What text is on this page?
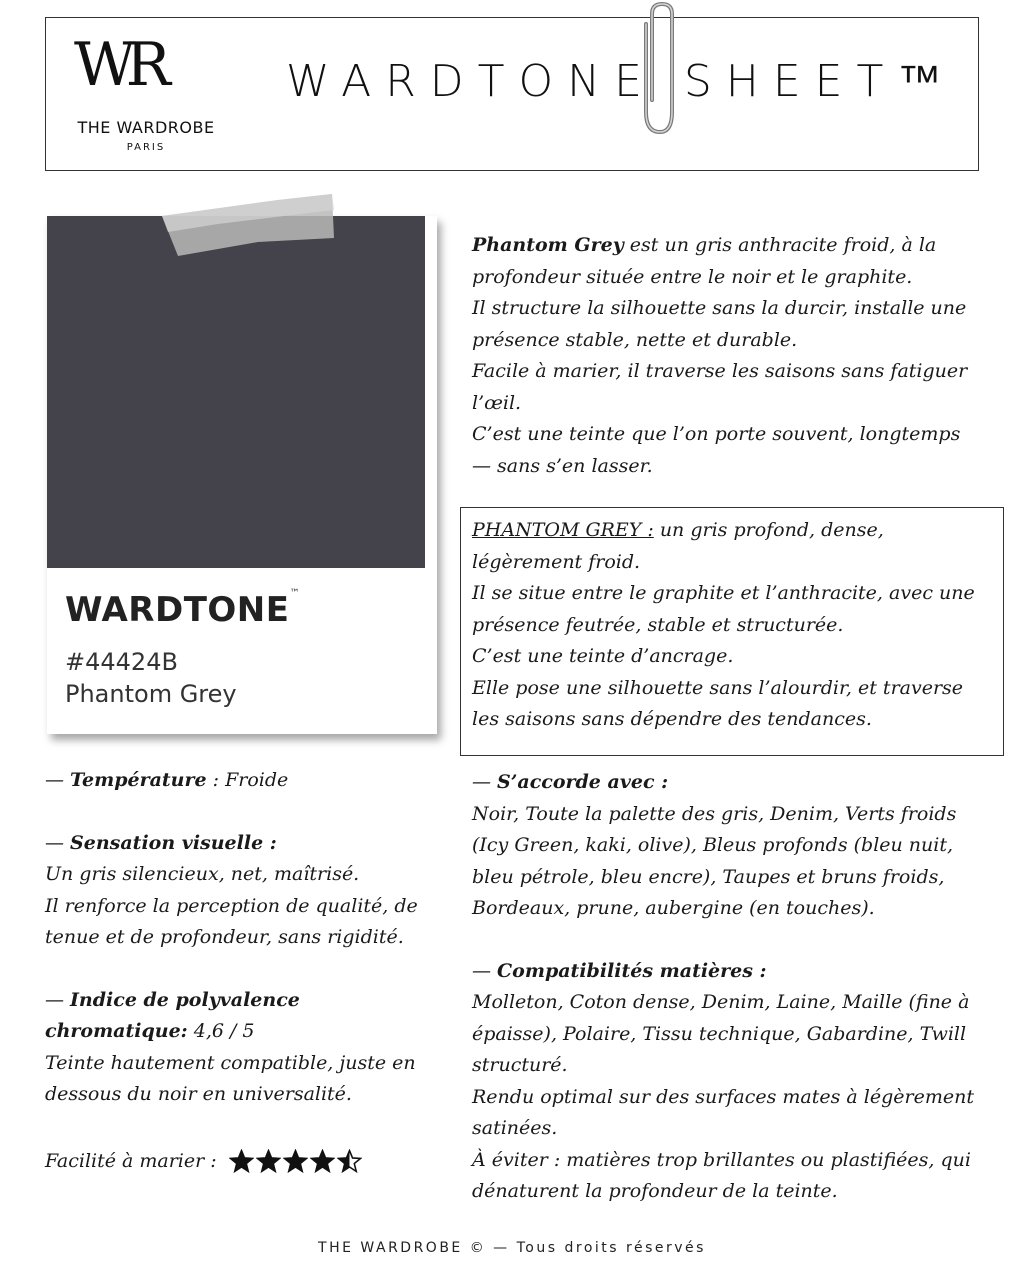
WR
THE WARDROBE
PARIS
WARDTONE SHEET™
WARDTONE™
#44424B
Phantom Grey
Phantom Grey est un gris anthracite froid, à la profondeur située entre le noir et le graphite.
Il structure la silhouette sans la durcir, installe une présence stable, nette et durable.
Facile à marier, il traverse les saisons sans fatiguer l’œil.
C’est une teinte que l’on porte souvent, longtemps — sans s’en lasser.
PHANTOM GREY : un gris profond, dense, légèrement froid.
Il se situe entre le graphite et l’anthracite, avec une présence feutrée, stable et structurée.
C’est une teinte d’ancrage.
Elle pose une silhouette sans l’alourdir, et traverse les saisons sans dépendre des tendances.
— Température : Froide
— Sensation visuelle :
Un gris silencieux, net, maîtrisé.
Il renforce la perception de qualité, de tenue et de profondeur, sans rigidité.
— Indice de polyvalence chromatique: 4,6 / 5
Teinte hautement compatible, juste en dessous du noir en universalité.
Facilité à marier :
— S’accorde avec :
Noir, Toute la palette des gris, Denim, Verts froids (Icy Green, kaki, olive), Bleus profonds (bleu nuit, bleu pétrole, bleu encre), Taupes et bruns froids, Bordeaux, prune, aubergine (en touches).
— Compatibilités matières :
Molleton, Coton dense, Denim, Laine, Maille (fine à épaisse), Polaire, Tissu technique, Gabardine, Twill structuré.
Rendu optimal sur des surfaces mates à légèrement satinées.
À éviter : matières trop brillantes ou plastifiées, qui dénaturent la profondeur de la teinte.
THE WARDROBE © — Tous droits réservés
